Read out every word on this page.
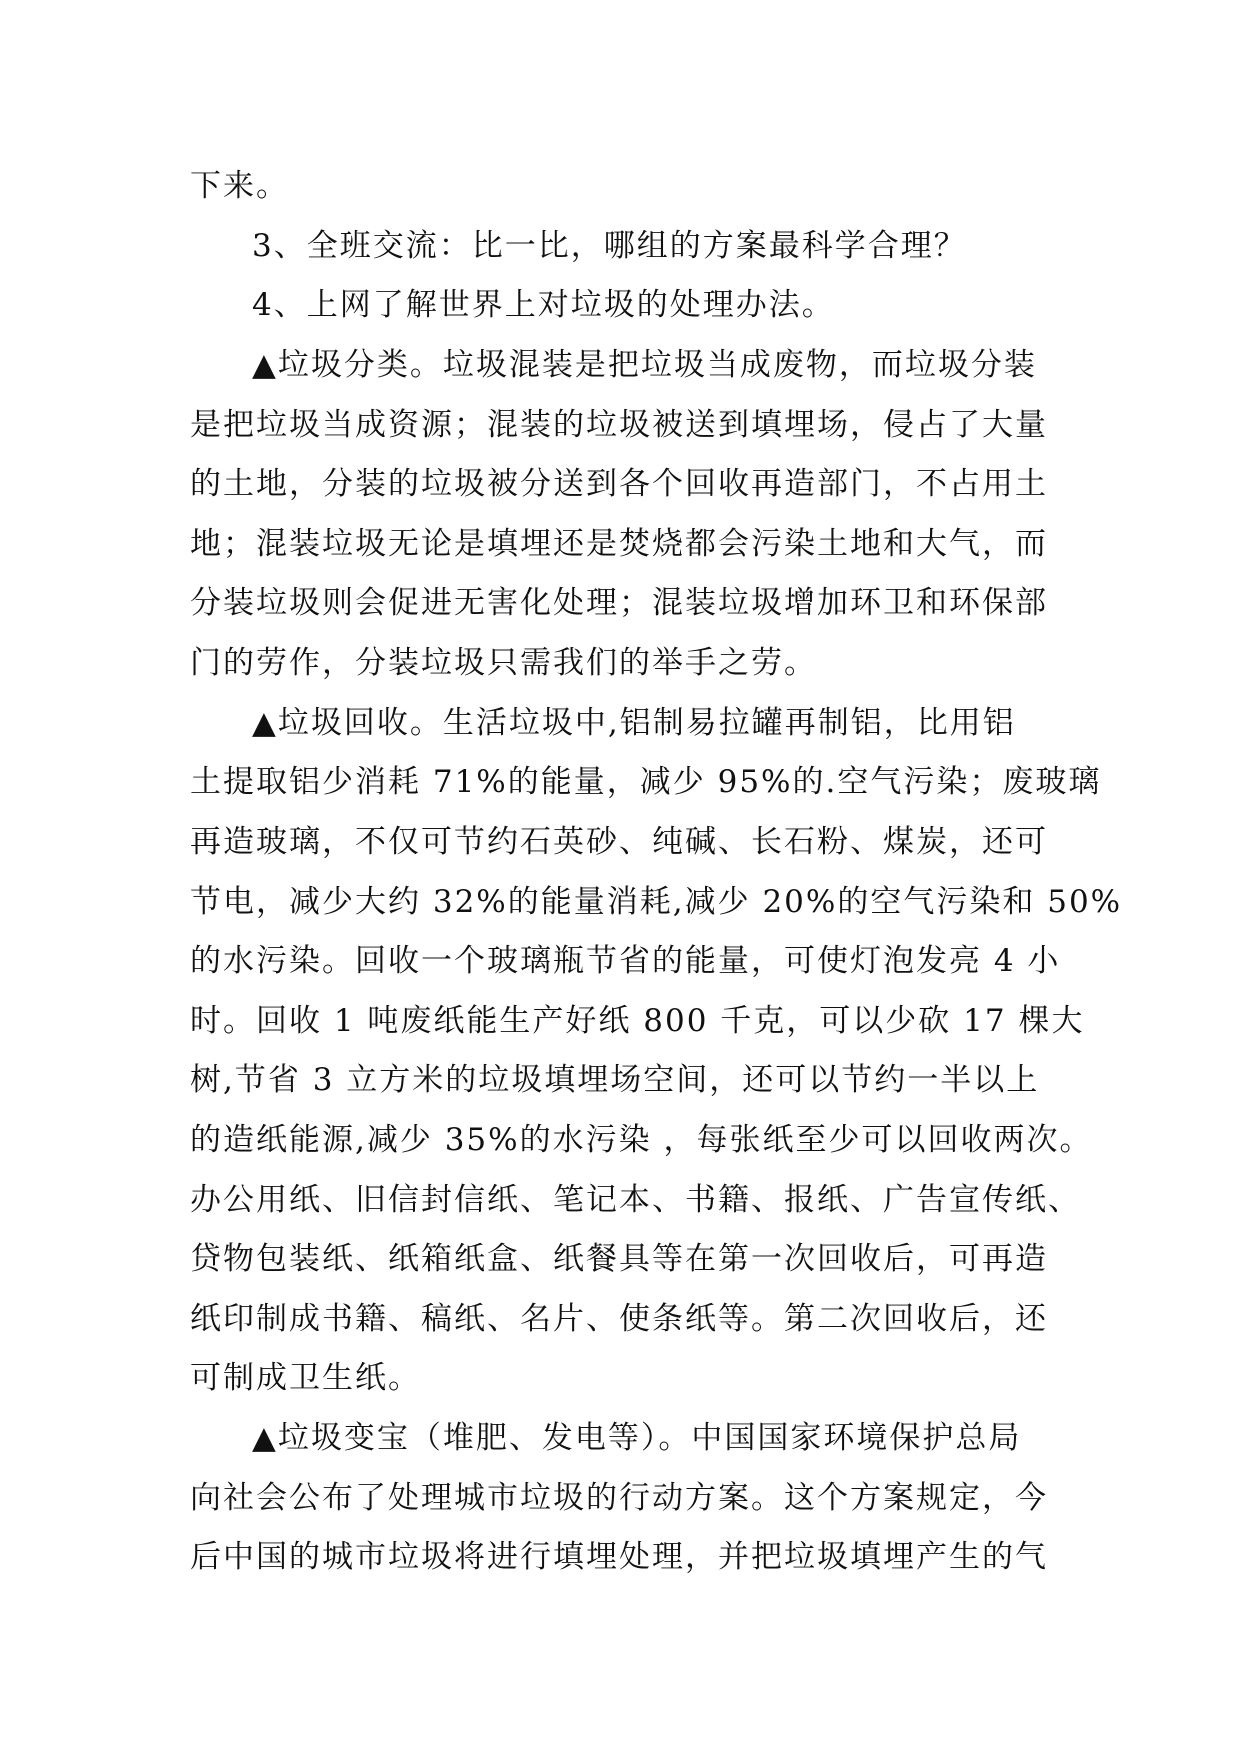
下来。
3、全班交流：比一比，哪组的方案最科学合理？
4、上网了解世界上对垃圾的处理办法。
▲垃圾分类。垃圾混装是把垃圾当成废物，而垃圾分装
是把垃圾当成资源；混装的垃圾被送到填埋场，侵占了大量
的土地，分装的垃圾被分送到各个回收再造部门，不占用土
地；混装垃圾无论是填埋还是焚烧都会污染土地和大气，而
分装垃圾则会促进无害化处理；混装垃圾增加环卫和环保部
门的劳作，分装垃圾只需我们的举手之劳。
▲垃圾回收。生活垃圾中,铝制易拉罐再制铝，比用铝
土提取铝少消耗 71%的能量，减少 95%的.空气污染；废玻璃
再造玻璃，不仅可节约石英砂、纯碱、长石粉、煤炭，还可
节电，减少大约 32%的能量消耗,减少 20%的空气污染和 50%
的水污染。回收一个玻璃瓶节省的能量，可使灯泡发亮 4 小
时。回收 1 吨废纸能生产好纸 800 千克，可以少砍 17 棵大
树,节省 3 立方米的垃圾填埋场空间，还可以节约一半以上
的造纸能源,减少 35%的水污染 ，每张纸至少可以回收两次。
办公用纸、旧信封信纸、笔记本、书籍、报纸、广告宣传纸、
贷物包装纸、纸箱纸盒、纸餐具等在第一次回收后，可再造
纸印制成书籍、稿纸、名片、使条纸等。第二次回收后，还
可制成卫生纸。
▲垃圾变宝（堆肥、发电等）。中国国家环境保护总局
向社会公布了处理城市垃圾的行动方案。这个方案规定，今
后中国的城市垃圾将进行填埋处理，并把垃圾填埋产生的气
